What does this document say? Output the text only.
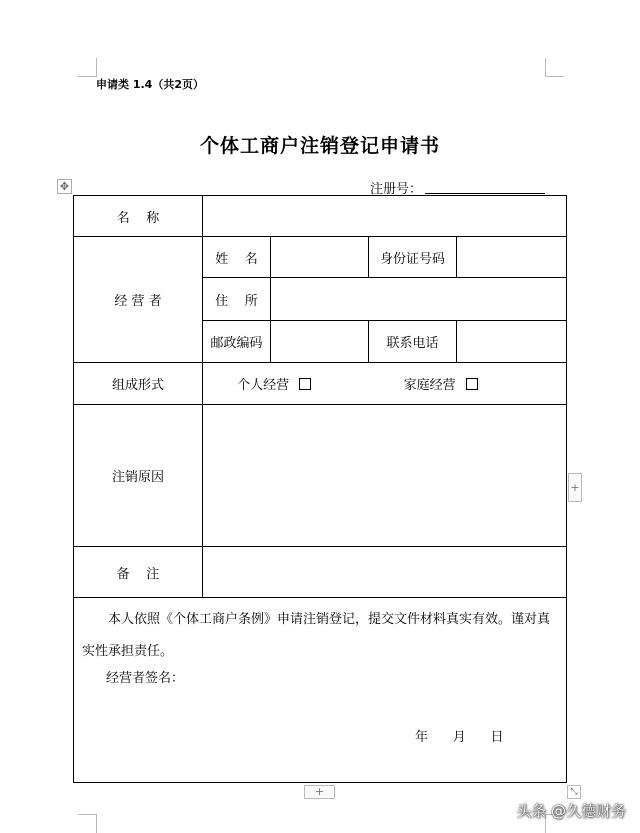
申请类 1.4（共2页）
个体工商户注销登记申请书
✥	注册号：
名    称				
经 营 者	姓    名		身份证号码	
	住    所			
	邮政编码		联系电话	
组成形式	个人经营 家庭经营			
注销原因				
备    注				

本人依照《个体工商户条例》申请注销登记，提交文件材料真实有效。谨对真实性承担责任。

经营者签名：				

年      月      日
+
+	⤡
头条 @久德财务
